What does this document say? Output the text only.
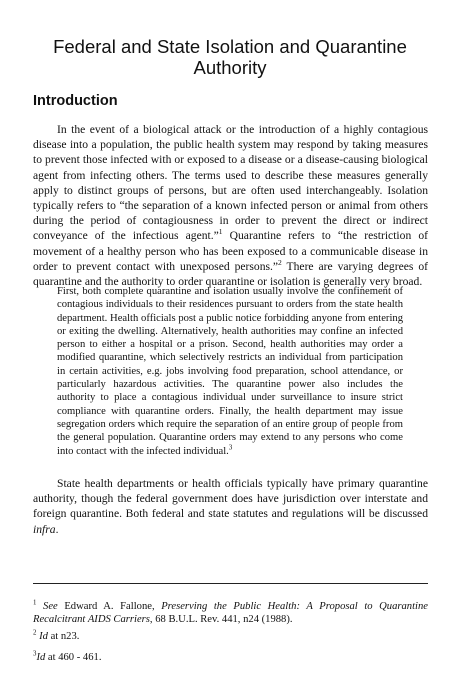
Federal and State Isolation and Quarantine Authority
Introduction

In the event of a biological attack or the introduction of a highly contagious disease into a population, the public health system may respond by taking measures to prevent those infected with or exposed to a disease or a disease-causing biological agent from infecting others. The terms used to describe these measures generally apply to distinct groups of persons, but are often used interchangeably. Isolation typically refers to “the separation of a known infected person or animal from others during the period of contagiousness in order to prevent the direct or indirect conveyance of the infectious agent.”$^1$ Quarantine refers to “the restriction of movement of a healthy person who has been exposed to a communicable disease in order to prevent contact with unexposed persons.”$^2$ There are varying degrees of quarantine and the authority to order quarantine or isolation is generally very broad.

First, both complete quarantine and isolation usually involve the confinement of contagious individuals to their residences pursuant to orders from the state health department. Health officials post a public notice forbidding anyone from entering or exiting the dwelling. Alternatively, health authorities may confine an infected person to either a hospital or a prison. Second, health authorities may order a modified quarantine, which selectively restricts an individual from participation in certain activities, e.g. jobs involving food preparation, school attendance, or particularly hazardous activities. The quarantine power also includes the authority to place a contagious individual under surveillance to insure strict compliance with quarantine orders. Finally, the health department may issue segregation orders which require the separation of an entire group of people from the general population. Quarantine orders may extend to any persons who come into contact with the infected individual.$^3$

State health departments or health officials typically have primary quarantine authority, though the federal government does have jurisdiction over interstate and foreign quarantine. Both federal and state statutes and regulations will be discussed infra.

$^1$ See Edward A. Fallone, Preserving the Public Health: A Proposal to Quarantine Recalcitrant AIDS Carriers, 68 B.U.L. Rev. 441, n24 (1988).

$^2$ Id at n23.

$^3$Id at 460 - 461.
